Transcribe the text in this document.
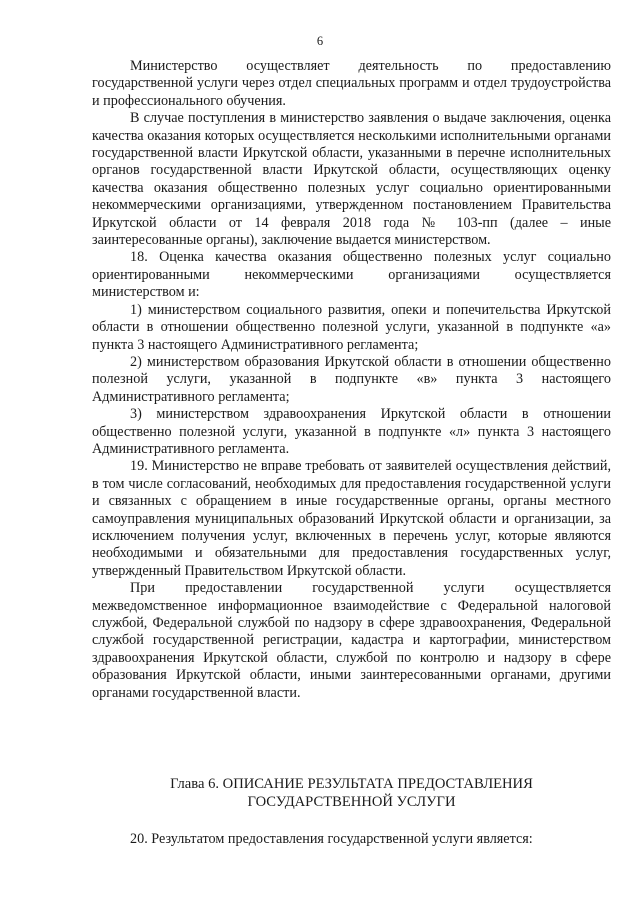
6

Министерство осуществляет деятельность по предоставлению государственной услуги через отдел специальных программ и отдел трудоустройства и профессионального обучения.

В случае поступления в министерство заявления о выдаче заключения, оценка качества оказания которых осуществляется несколькими исполнительными органами государственной власти Иркутской области, указанными в перечне исполнительных органов государственной власти Иркутской области, осуществляющих оценку качества оказания общественно полезных услуг социально ориентированными некоммерческими организациями, утвержденном постановлением Правительства Иркутской области от 14 февраля 2018 года № 103-пп (далее – иные заинтересованные органы), заключение выдается министерством.

18. Оценка качества оказания общественно полезных услуг социально ориентированными некоммерческими организациями осуществляется министерством и:

1) министерством социального развития, опеки и попечительства Иркутской области в отношении общественно полезной услуги, указанной в подпункте «а» пункта 3 настоящего Административного регламента;

2) министерством образования Иркутской области в отношении общественно полезной услуги, указанной в подпункте «в» пункта 3 настоящего Административного регламента;

3) министерством здравоохранения Иркутской области в отношении общественно полезной услуги, указанной в подпункте «л» пункта 3 настоящего Административного регламента.

19. Министерство не вправе требовать от заявителей осуществления действий, в том числе согласований, необходимых для предоставления государственной услуги и связанных с обращением в иные государственные органы, органы местного самоуправления муниципальных образований Иркутской области и организации, за исключением получения услуг, включенных в перечень услуг, которые являются необходимыми и обязательными для предоставления государственных услуг, утвержденный Правительством Иркутской области.

При предоставлении государственной услуги осуществляется межведомственное информационное взаимодействие с Федеральной налоговой службой, Федеральной службой по надзору в сфере здравоохранения, Федеральной службой государственной регистрации, кадастра и картографии, министерством здравоохранения Иркутской области, службой по контролю и надзору в сфере образования Иркутской области, иными заинтересованными органами, другими органами государственной власти.

Глава 6. ОПИСАНИЕ РЕЗУЛЬТАТА ПРЕДОСТАВЛЕНИЯ
ГОСУДАРСТВЕННОЙ УСЛУГИ
20. Результатом предоставления государственной услуги является:
